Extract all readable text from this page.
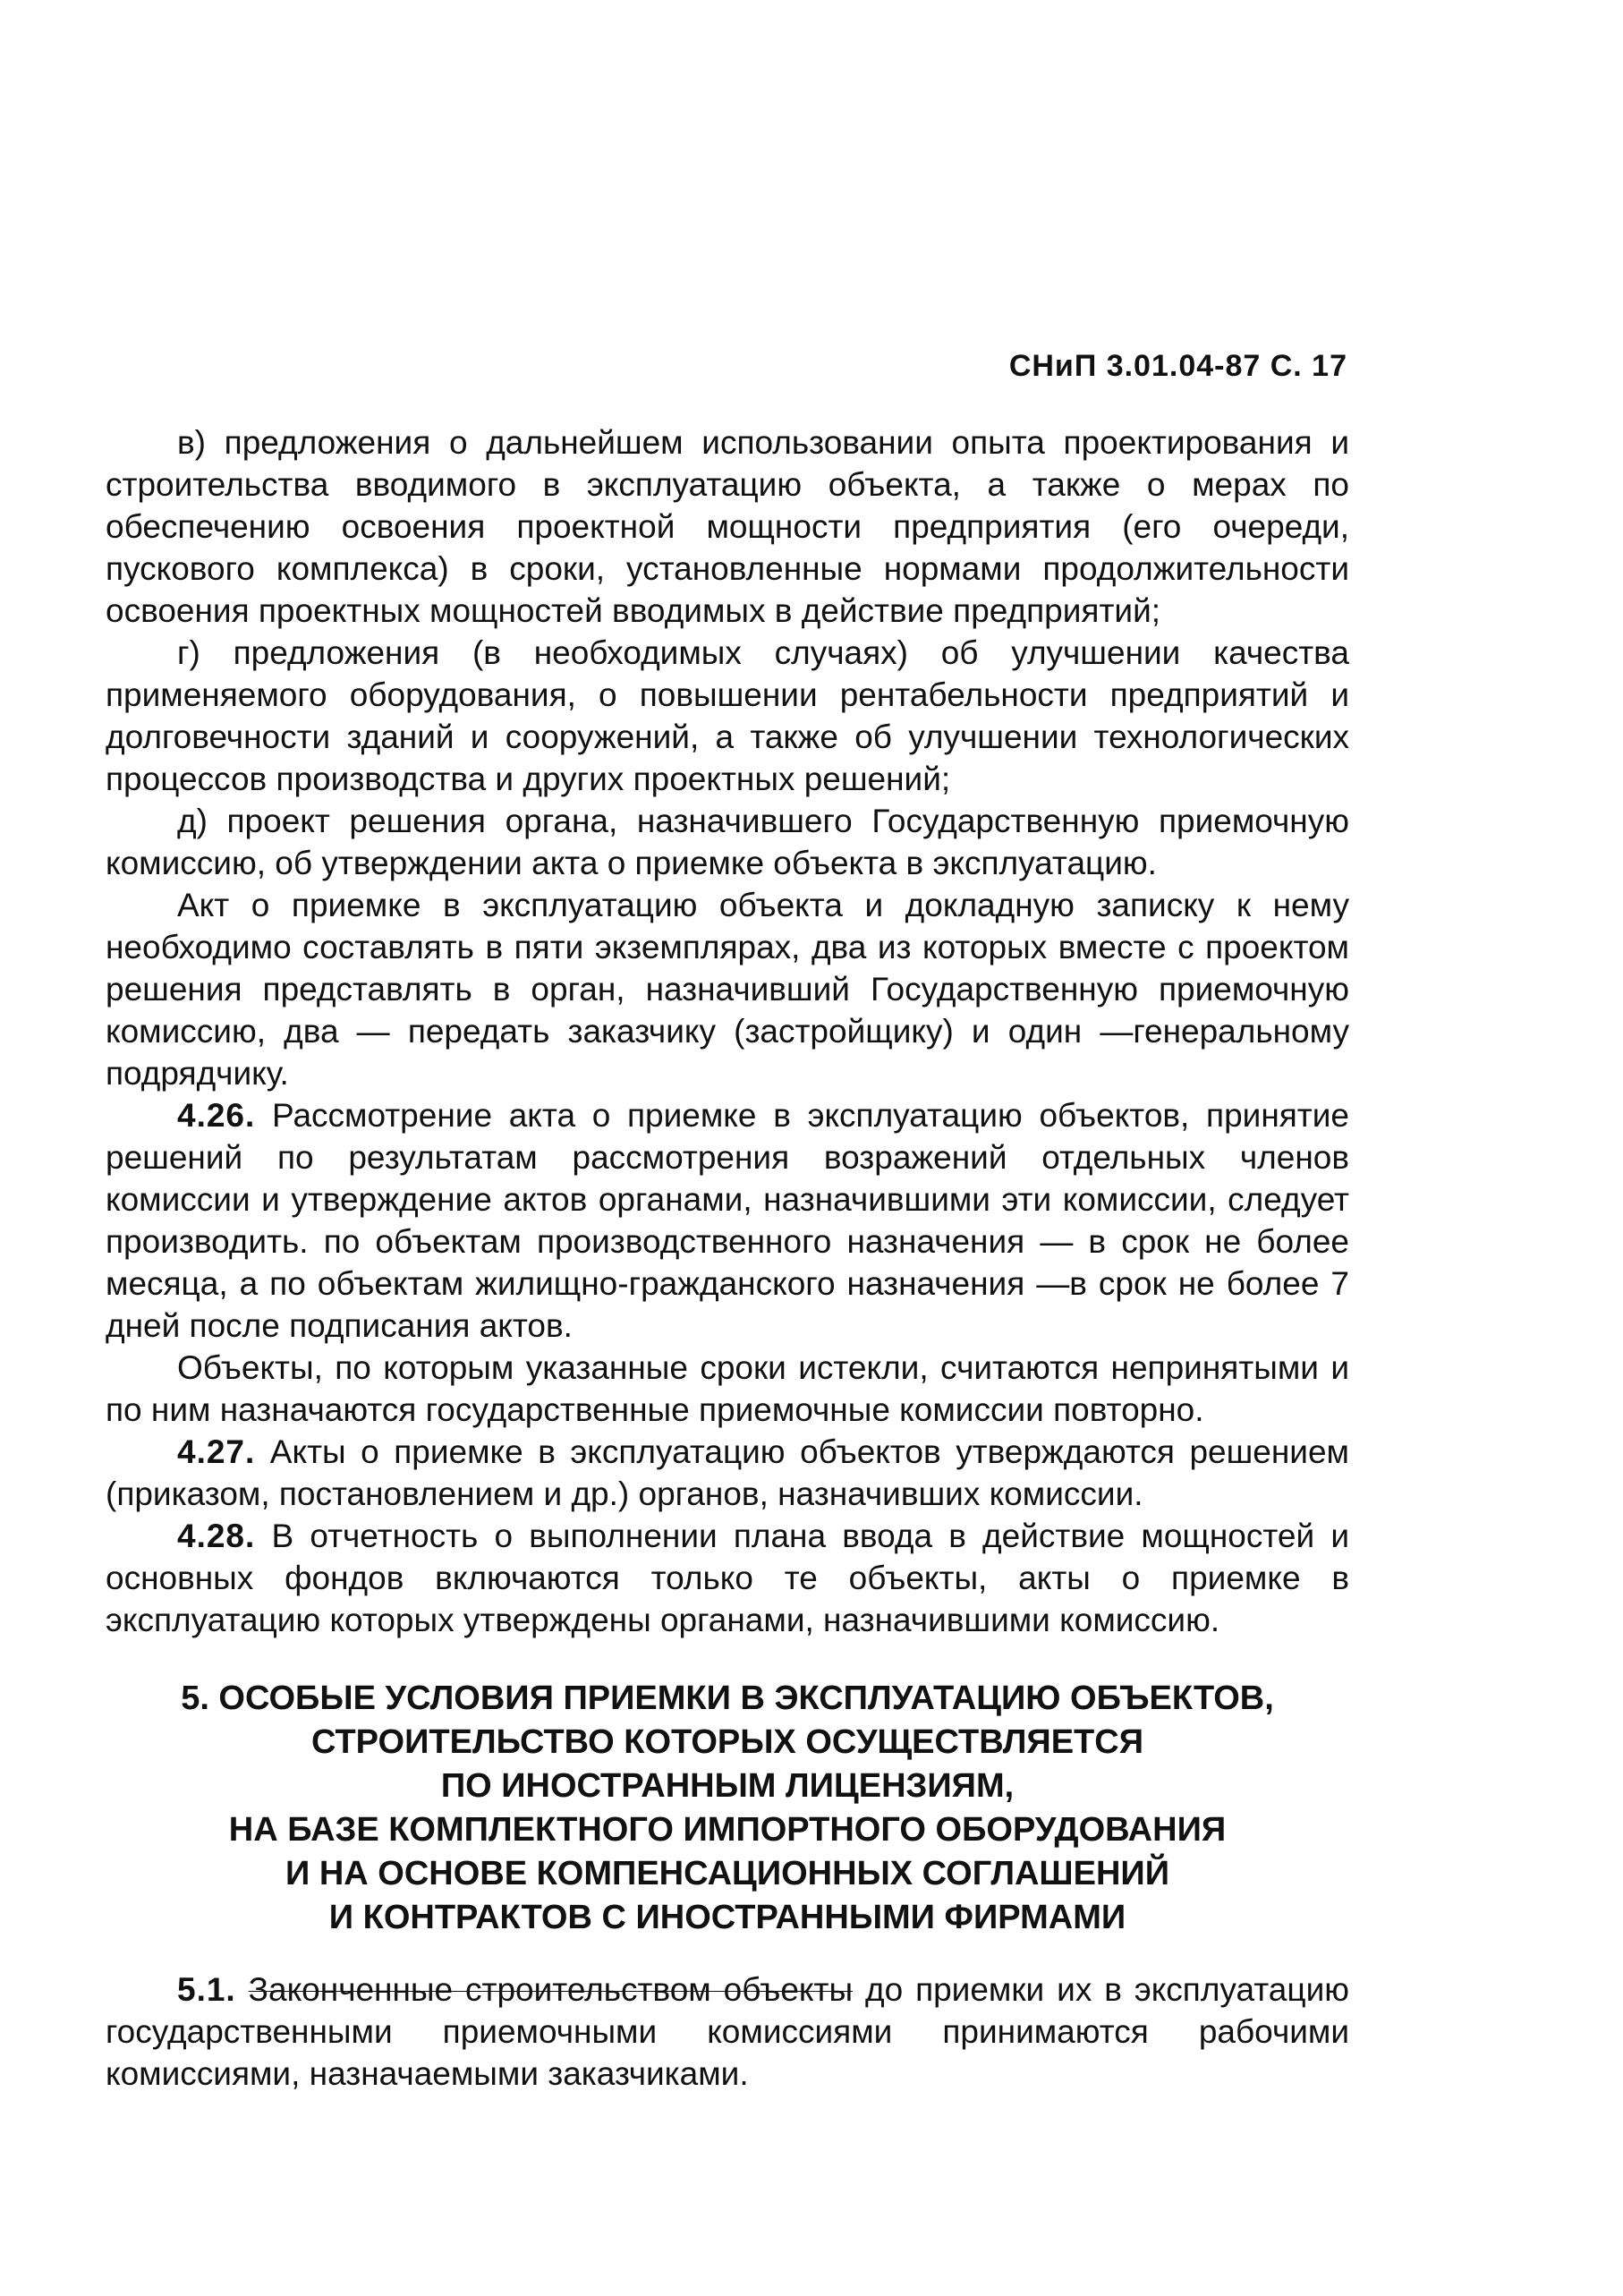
СНиП 3.01.04-87 С. 17

в) предложения о дальнейшем использовании опыта проектирования и строительства вводимого в эксплуатацию объекта, а также о мерах по обеспечению освоения проектной мощности предприятия (его очереди, пускового комплекса) в сроки, установленные нормами продолжительности освоения проектных мощностей вводимых в действие предприятий;

г) предложения (в необходимых случаях) об улучшении качества применяемого оборудования, о повышении рентабельности предприятий и долговечности зданий и сооружений, а также об улучшении технологических процессов производства и других проектных решений;

д) проект решения органа, назначившего Государственную приемочную комиссию, об утверждении акта о приемке объекта в эксплуатацию.

Акт о приемке в эксплуатацию объекта и докладную записку к нему необходимо составлять в пяти экземплярах, два из которых вместе с проектом решения представлять в орган, назначивший Государственную приемочную комиссию, два — передать заказчику (застройщику) и один —генеральному подрядчику.

4.26. Рассмотрение акта о приемке в эксплуатацию объектов, принятие решений по результатам рассмотрения возражений отдельных членов комиссии и утверждение актов органами, назначившими эти комиссии, следует производить. по объектам производственного назначения — в срок не более месяца, а по объектам жилищно-гражданского назначения —в срок не более 7 дней после подписания актов.

Объекты, по которым указанные сроки истекли, считаются непринятыми и по ним назначаются государственные приемочные комиссии повторно.

4.27. Акты о приемке в эксплуатацию объектов утверждаются решением (приказом, постановлением и др.) органов, назначивших комиссии.

4.28. В отчетность о выполнении плана ввода в действие мощностей и основных фондов включаются только те объекты, акты о приемке в эксплуатацию которых утверждены органами, назначившими комиссию.

5. ОСОБЫЕ УСЛОВИЯ ПРИЕМКИ В ЭКСПЛУАТАЦИЮ ОБЪЕКТОВ,
СТРОИТЕЛЬСТВО КОТОРЫХ ОСУЩЕСТВЛЯЕТСЯ
ПО ИНОСТРАННЫМ ЛИЦЕНЗИЯМ,
НА БАЗЕ КОМПЛЕКТНОГО ИМПОРТНОГО ОБОРУДОВАНИЯ
И НА ОСНОВЕ КОМПЕНСАЦИОННЫХ СОГЛАШЕНИЙ
И КОНТРАКТОВ С ИНОСТРАННЫМИ ФИРМАМИ

5.1. Законченные строительством объекты до приемки их в эксплуатацию государственными приемочными комиссиями принимаются рабочими комиссиями, назначаемыми заказчиками.
